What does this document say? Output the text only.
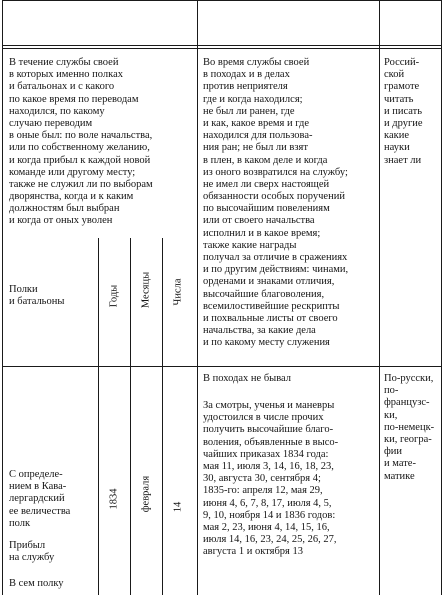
В течение службы своей
в которых именно полках
и батальонах и с какого
по какое время по переводам
находился, по какому
случаю переводим
в оные был: по воле начальства,
или по собственному желанию,
и когда прибыл к каждой новой
команде или другому месту;
также не служил ли по выборам
дворянства, когда и к каким
должностям был выбран
и когда от оных уволен
Полки
и батальоны	Годы Месяцы Числа
С определе-
нием в Кава-
лергардский
ее величества
полк
Прибыл
на службу
В сем полку
1834 февраля 14
Во время службы своей
в походах и в делах
против неприятеля
где и когда находился;
не был ли ранен, где
и как, какое время и где
находился для пользова-
ния ран; не был ли взят
в плен, в каком деле и когда
из оного возвратился на службу;
не имел ли сверх настоящей
обязанности особых поручений
по высочайшим повелениям
или от своего начальства
исполнил и в какое время;
также какие награды
получал за отличие в сражениях
и по другим действиям: чинами,
орденами и знаками отличия,
высочайшие благоволения,
всемилостивейшие рескрипты
и похвальные листы от своего
начальства, за какие дела
и по какому месту служения
В походах не бывал
За смотры, ученья и маневры
удостоился в числе прочих
получить высочайшие благо-
воления, объявленные в высо-
чайших приказах 1834 года:
мая 11, июля 3, 14, 16, 18, 23,
30, августа 30, сентября 4;
1835-го: апреля 12, мая 29,
июня 4, 6, 7, 8, 17, июля 4, 5,
9, 10, ноября 14 и 1836 годов:
мая 2, 23, июня 4, 14, 15, 16,
июля 14, 16, 23, 24, 25, 26, 27,
августа 1 и октября 13
Россий-
ской
грамоте
читать
и писать
и другие
какие
науки
знает ли
По-русски,
по-
французс-
ки,
по-немецк-
ки, геогра-
фии
и мате-
матике
